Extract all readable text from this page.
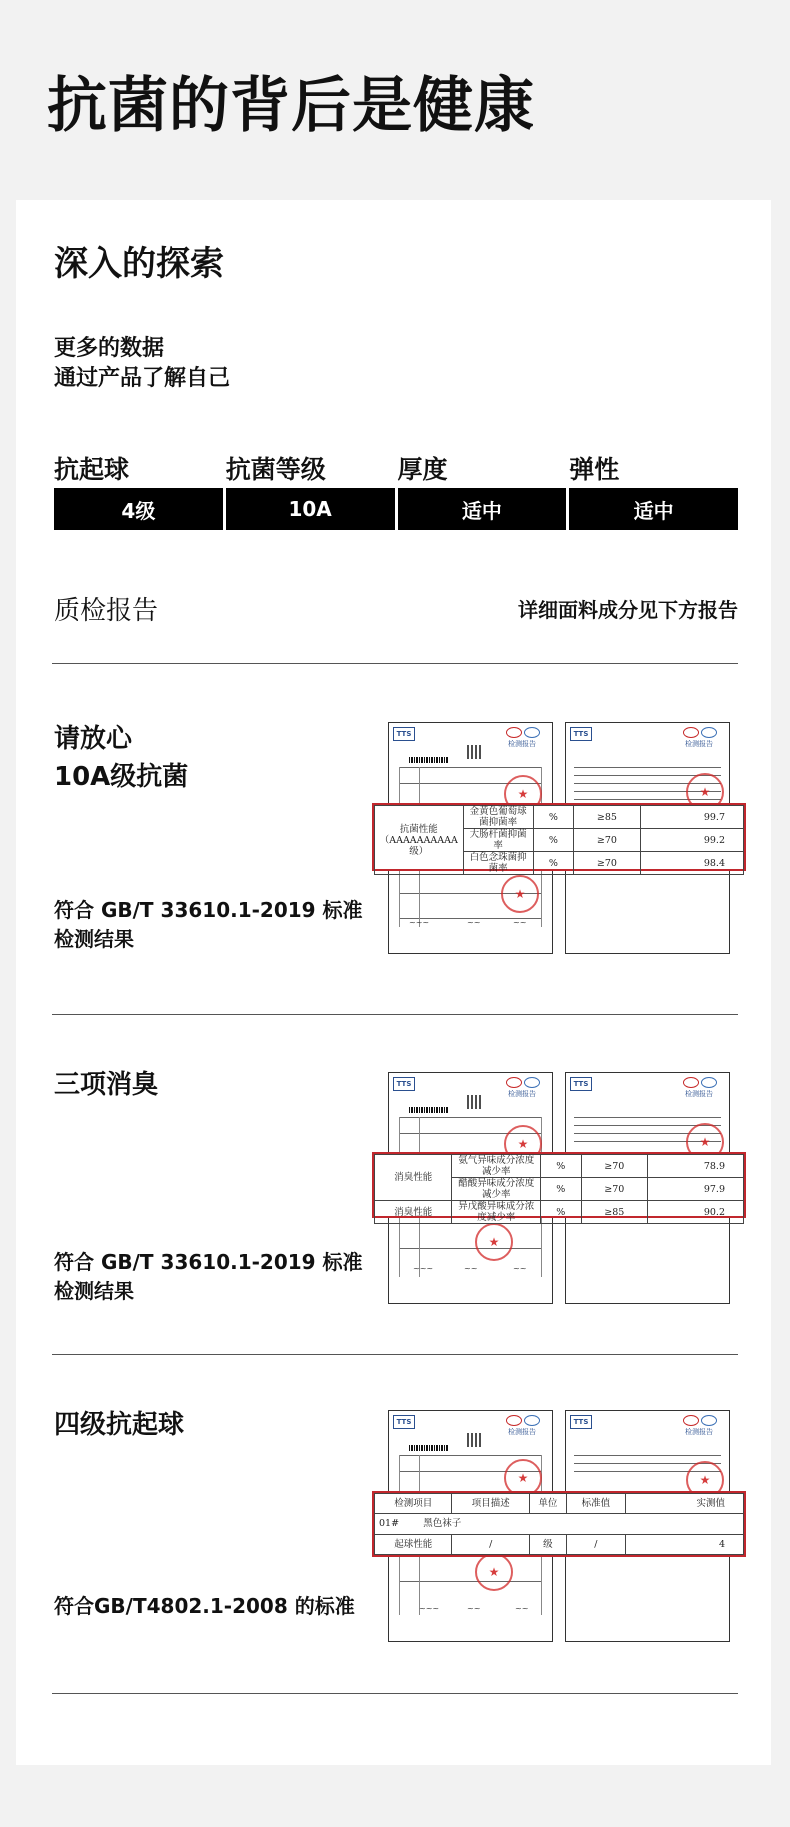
抗菌的背后是健康
深入的探索
更多的数据
通过产品了解自己
抗起球
4级
抗菌等级
10A
厚度
适中
弹性
适中
质检报告	详细面料成分见下方报告
请放心
10A级抗菌
符合 GB/T 33610.1-2019 标准
检测结果
TTS
检测报告
★
★
~~~	~~	~~
TTS
检测报告
★
抗菌性能
（AAAAAAAAAA级）	金黄色葡萄球菌抑菌率	%	≥85	99.7
	大肠杆菌抑菌率	%	≥70	99.2
	白色念珠菌抑菌率	%	≥70	98.4
三项消臭
符合 GB/T 33610.1-2019 标准
检测结果
TTS
检测报告
★
★
~~~	~~	~~
TTS
检测报告
★
消臭性能	氨气异味成分浓度减少率	%	≥70	78.9
	醋酸异味成分浓度减少率	%	≥70	97.9
消臭性能	异戊酸异味成分浓度减少率	%	≥85	90.2
四级抗起球
符合GB/T4802.1-2008 的标准
TTS
检测报告
★
★
~~~	~~	~~
TTS
检测报告
★
检测项目	项目描述	单位	标准值	实测值
01# 黑色袜子				
起球性能	/	级	/	4
